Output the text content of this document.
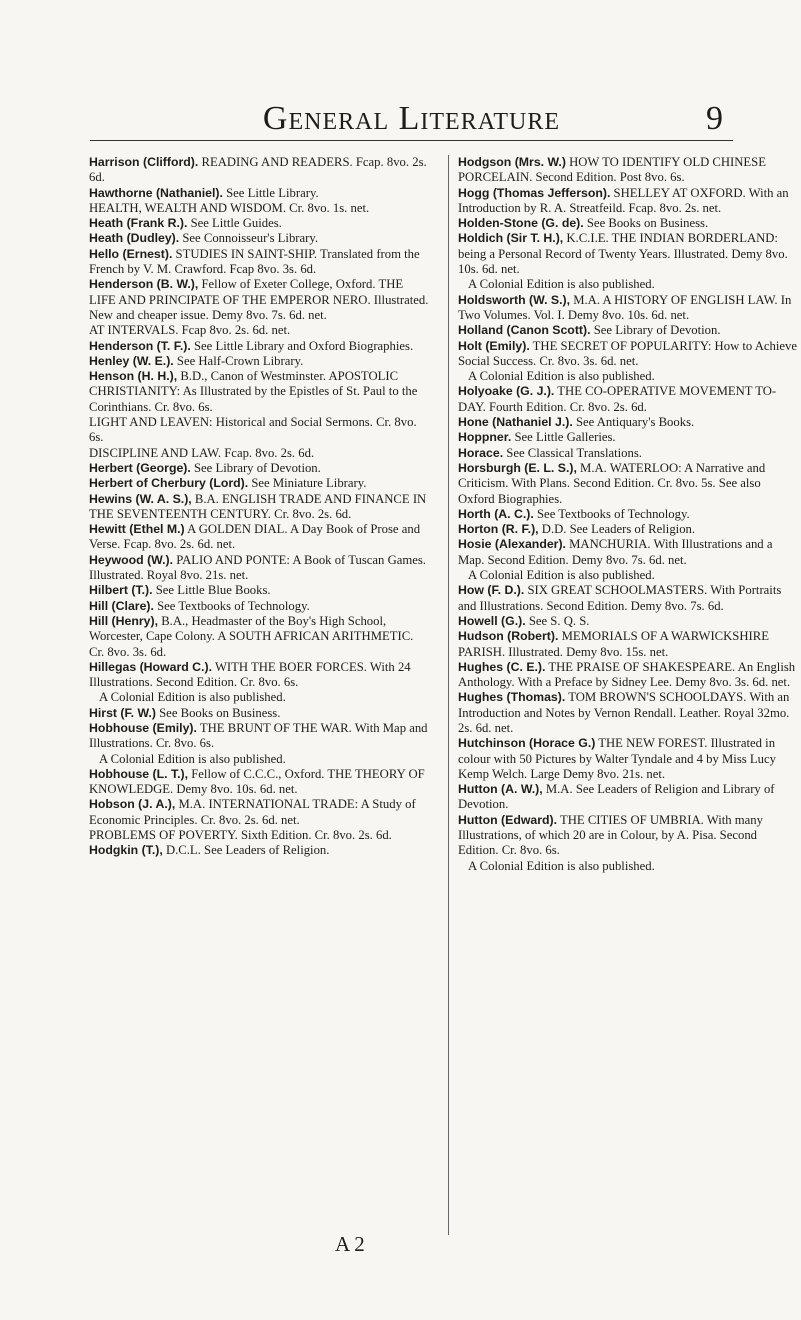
General Literature	9

Harrison (Clifford). READING AND READERS. Fcap. 8vo. 2s. 6d.

Hawthorne (Nathaniel). See Little Library.

HEALTH, WEALTH AND WISDOM. Cr. 8vo. 1s. net.

Heath (Frank R.). See Little Guides.

Heath (Dudley). See Connoisseur's Library.

Hello (Ernest). STUDIES IN SAINT-SHIP. Translated from the French by V. M. Crawford. Fcap 8vo. 3s. 6d.

Henderson (B. W.), Fellow of Exeter College, Oxford. THE LIFE AND PRINCIPATE OF THE EMPEROR NERO. Illustrated. New and cheaper issue. Demy 8vo. 7s. 6d. net.

AT INTERVALS. Fcap 8vo. 2s. 6d. net.

Henderson (T. F.). See Little Library and Oxford Biographies.

Henley (W. E.). See Half-Crown Library.

Henson (H. H.), B.D., Canon of Westminster. APOSTOLIC CHRISTIANITY: As Illustrated by the Epistles of St. Paul to the Corinthians. Cr. 8vo. 6s.

LIGHT AND LEAVEN: Historical and Social Sermons. Cr. 8vo. 6s.

DISCIPLINE AND LAW. Fcap. 8vo. 2s. 6d.

Herbert (George). See Library of Devotion.

Herbert of Cherbury (Lord). See Miniature Library.

Hewins (W. A. S.), B.A. ENGLISH TRADE AND FINANCE IN THE SEVENTEENTH CENTURY. Cr. 8vo. 2s. 6d.

Hewitt (Ethel M.) A GOLDEN DIAL. A Day Book of Prose and Verse. Fcap. 8vo. 2s. 6d. net.

Heywood (W.). PALIO AND PONTE: A Book of Tuscan Games. Illustrated. Royal 8vo. 21s. net.

Hilbert (T.). See Little Blue Books.

Hill (Clare). See Textbooks of Technology.

Hill (Henry), B.A., Headmaster of the Boy's High School, Worcester, Cape Colony. A SOUTH AFRICAN ARITHMETIC. Cr. 8vo. 3s. 6d.

Hillegas (Howard C.). WITH THE BOER FORCES. With 24 Illustrations. Second Edition. Cr. 8vo. 6s.
A Colonial Edition is also published.

Hirst (F. W.) See Books on Business.

Hobhouse (Emily). THE BRUNT OF THE WAR. With Map and Illustrations. Cr. 8vo. 6s.
A Colonial Edition is also published.

Hobhouse (L. T.), Fellow of C.C.C., Oxford. THE THEORY OF KNOWLEDGE. Demy 8vo. 10s. 6d. net.

Hobson (J. A.), M.A. INTERNATIONAL TRADE: A Study of Economic Principles. Cr. 8vo. 2s. 6d. net.

PROBLEMS OF POVERTY. Sixth Edition. Cr. 8vo. 2s. 6d.

Hodgkin (T.), D.C.L. See Leaders of Religion.

Hodgson (Mrs. W.) HOW TO IDENTIFY OLD CHINESE PORCELAIN. Second Edition. Post 8vo. 6s.

Hogg (Thomas Jefferson). SHELLEY AT OXFORD. With an Introduction by R. A. Streatfeild. Fcap. 8vo. 2s. net.

Holden-Stone (G. de). See Books on Business.

Holdich (Sir T. H.), K.C.I.E. THE INDIAN BORDERLAND: being a Personal Record of Twenty Years. Illustrated. Demy 8vo. 10s. 6d. net.
A Colonial Edition is also published.

Holdsworth (W. S.), M.A. A HISTORY OF ENGLISH LAW. In Two Volumes. Vol. I. Demy 8vo. 10s. 6d. net.

Holland (Canon Scott). See Library of Devotion.

Holt (Emily). THE SECRET OF POPULARITY: How to Achieve Social Success. Cr. 8vo. 3s. 6d. net.
A Colonial Edition is also published.

Holyoake (G. J.). THE CO-OPERATIVE MOVEMENT TO-DAY. Fourth Edition. Cr. 8vo. 2s. 6d.

Hone (Nathaniel J.). See Antiquary's Books.

Hoppner. See Little Galleries.

Horace. See Classical Translations.

Horsburgh (E. L. S.), M.A. WATERLOO: A Narrative and Criticism. With Plans. Second Edition. Cr. 8vo. 5s. See also Oxford Biographies.

Horth (A. C.). See Textbooks of Technology.

Horton (R. F.), D.D. See Leaders of Religion.

Hosie (Alexander). MANCHURIA. With Illustrations and a Map. Second Edition. Demy 8vo. 7s. 6d. net.
A Colonial Edition is also published.

How (F. D.). SIX GREAT SCHOOLMASTERS. With Portraits and Illustrations. Second Edition. Demy 8vo. 7s. 6d.

Howell (G.). See S. Q. S.

Hudson (Robert). MEMORIALS OF A WARWICKSHIRE PARISH. Illustrated. Demy 8vo. 15s. net.

Hughes (C. E.). THE PRAISE OF SHAKESPEARE. An English Anthology. With a Preface by Sidney Lee. Demy 8vo. 3s. 6d. net.

Hughes (Thomas). TOM BROWN'S SCHOOLDAYS. With an Introduction and Notes by Vernon Rendall. Leather. Royal 32mo. 2s. 6d. net.

Hutchinson (Horace G.) THE NEW FOREST. Illustrated in colour with 50 Pictures by Walter Tyndale and 4 by Miss Lucy Kemp Welch. Large Demy 8vo. 21s. net.

Hutton (A. W.), M.A. See Leaders of Religion and Library of Devotion.

Hutton (Edward). THE CITIES OF UMBRIA. With many Illustrations, of which 20 are in Colour, by A. Pisa. Second Edition. Cr. 8vo. 6s.
A Colonial Edition is also published.

A 2
